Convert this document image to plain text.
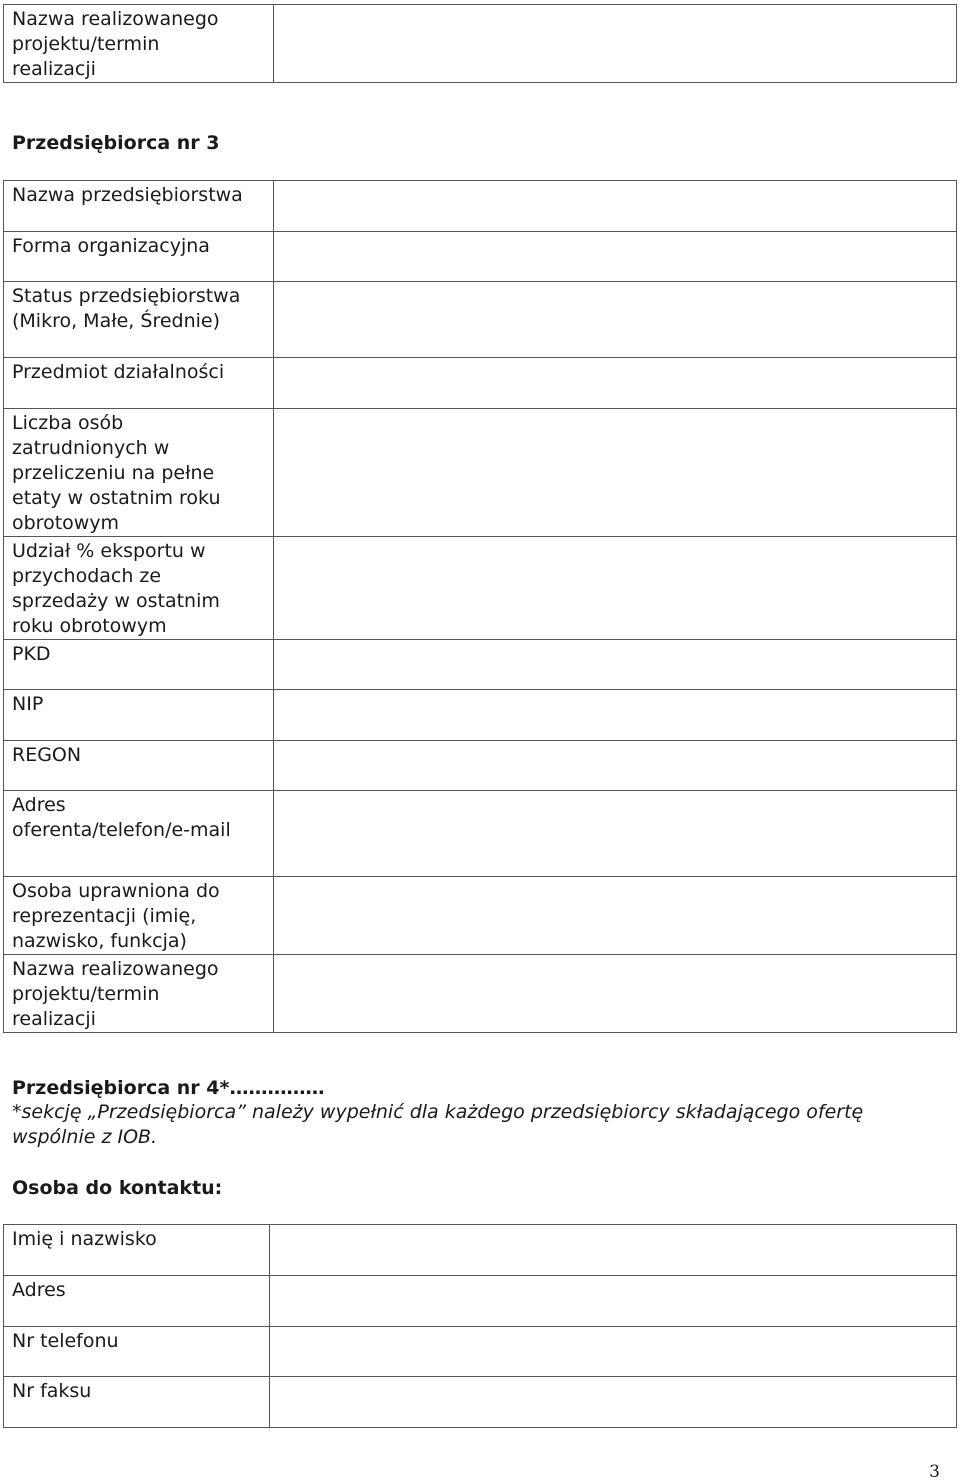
Nazwa realizowanego
projektu/termin
realizacji

Przedsiębiorca nr 3
Nazwa przedsiębiorstwa	

Forma organizacyjna	

Status przedsiębiorstwa
(Mikro, Małe, Średnie)	

Przedmiot działalności	

Liczba osób
zatrudnionych w
przeliczeniu na pełne
etaty w ostatnim roku
obrotowym	

Udział % eksportu w
przychodach ze
sprzedaży w ostatnim
roku obrotowym	

PKD	

NIP	

REGON	

Adres
oferenta/telefon/e-mail	

Osoba uprawniona do
reprezentacji (imię,
nazwisko, funkcja)	

Nazwa realizowanego
projektu/termin
realizacji	

Przedsiębiorca nr 4*……………
*sekcję „Przedsiębiorca” należy wypełnić dla każdego przedsiębiorcy składającego ofertę wspólnie z IOB.
Osoba do kontaktu:
Imię i nazwisko	

Adres	

Nr telefonu	

Nr faksu	

3
